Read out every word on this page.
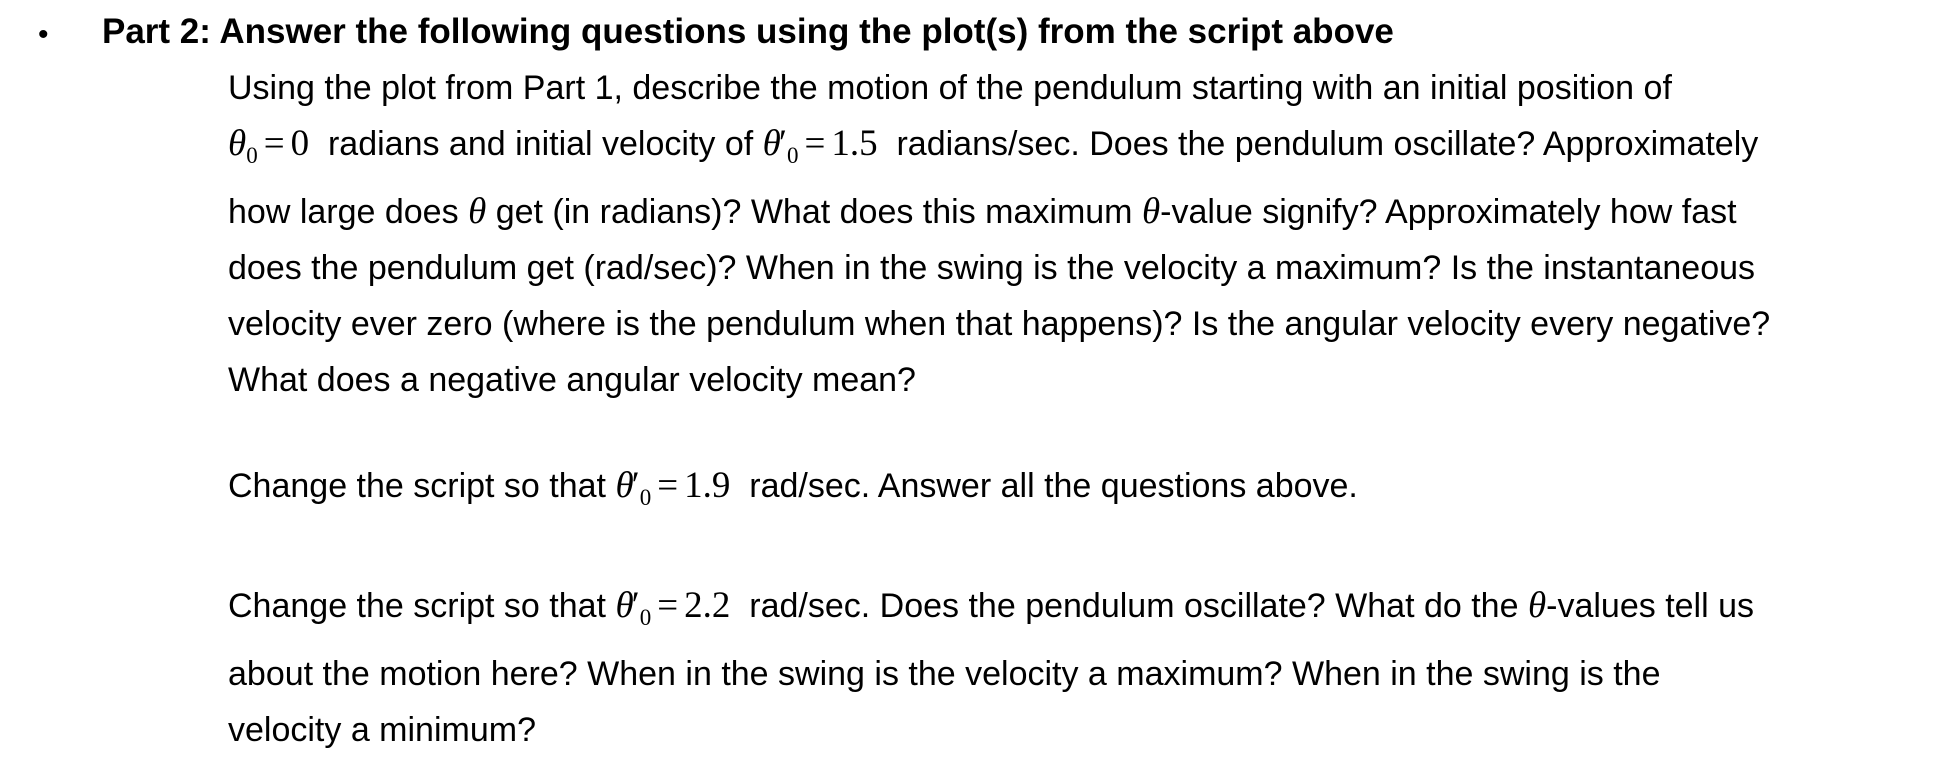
• Part 2: Answer the following questions using the plot(s) from the script above
Using the plot from Part 1, describe the motion of the pendulum starting with an initial position of
$\theta_0 = 0$ radians and initial velocity of $\theta'_0 = 1.5$ radians/sec. Does the pendulum oscillate? Approximately
how large does θ get (in radians)? What does this maximum θ-value signify? Approximately how fast
does the pendulum get (rad/sec)? When in the swing is the velocity a maximum? Is the instantaneous
velocity ever zero (where is the pendulum when that happens)? Is the angular velocity every negative?
What does a negative angular velocity mean?
Change the script so that $\theta'_0 = 1.9$ rad/sec. Answer all the questions above.
Change the script so that $\theta'_0 = 2.2$ rad/sec. Does the pendulum oscillate? What do the θ-values tell us
about the motion here? When in the swing is the velocity a maximum? When in the swing is the
velocity a minimum?
